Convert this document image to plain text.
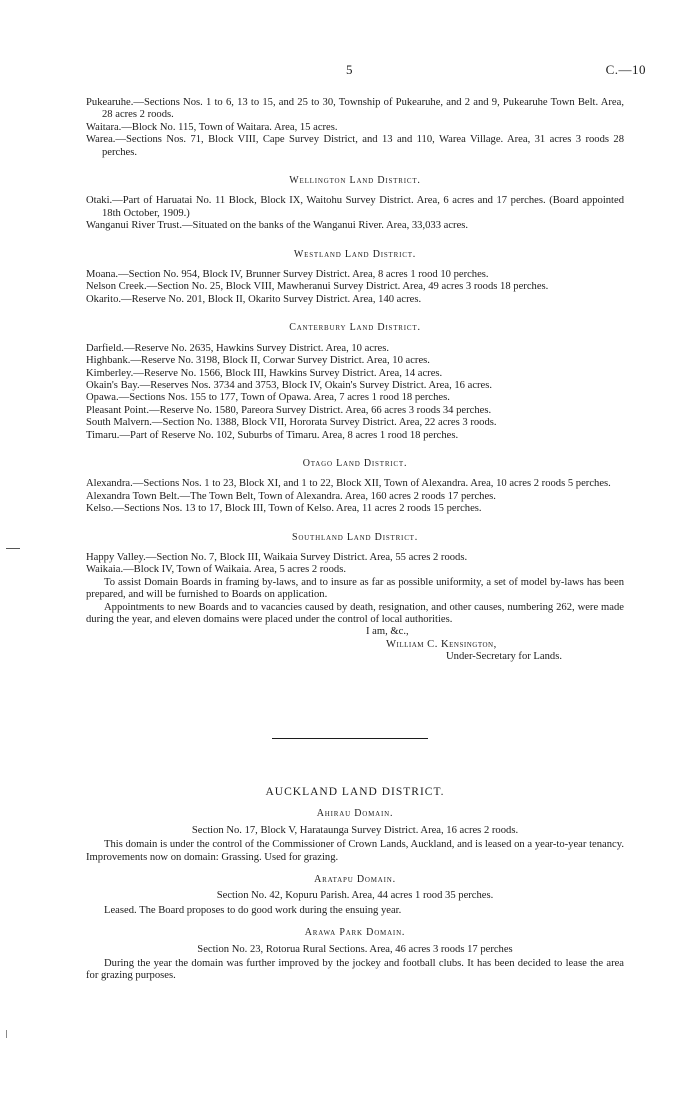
5	C.—10

Pukearuhe.—Sections Nos. 1 to 6, 13 to 15, and 25 to 30, Township of Pukearuhe, and 2 and 9, Pukearuhe Town Belt. Area, 28 acres 2 roods.

Waitara.—Block No. 115, Town of Waitara. Area, 15 acres.

Warea.—Sections Nos. 71, Block VIII, Cape Survey District, and 13 and 110, Warea Village. Area, 31 acres 3 roods 28 perches.

Wellington Land District.

Otaki.—Part of Haruatai No. 11 Block, Block IX, Waitohu Survey District. Area, 6 acres and 17 perches. (Board appointed 18th October, 1909.)

Wanganui River Trust.—Situated on the banks of the Wanganui River. Area, 33,033 acres.

Westland Land District.

Moana.—Section No. 954, Block IV, Brunner Survey District. Area, 8 acres 1 rood 10 perches.

Nelson Creek.—Section No. 25, Block VIII, Mawheranui Survey District. Area, 49 acres 3 roods 18 perches.

Okarito.—Reserve No. 201, Block II, Okarito Survey District. Area, 140 acres.

Canterbury Land District.

Darfield.—Reserve No. 2635, Hawkins Survey District. Area, 10 acres.

Highbank.—Reserve No. 3198, Block II, Corwar Survey District. Area, 10 acres.

Kimberley.—Reserve No. 1566, Block III, Hawkins Survey District. Area, 14 acres.

Okain's Bay.—Reserves Nos. 3734 and 3753, Block IV, Okain's Survey District. Area, 16 acres.

Opawa.—Sections Nos. 155 to 177, Town of Opawa. Area, 7 acres 1 rood 18 perches.

Pleasant Point.—Reserve No. 1580, Pareora Survey District. Area, 66 acres 3 roods 34 perches.

South Malvern.—Section No. 1388, Block VII, Hororata Survey District. Area, 22 acres 3 roods.

Timaru.—Part of Reserve No. 102, Suburbs of Timaru. Area, 8 acres 1 rood 18 perches.

Otago Land District.

Alexandra.—Sections Nos. 1 to 23, Block XI, and 1 to 22, Block XII, Town of Alexandra. Area, 10 acres 2 roods 5 perches.

Alexandra Town Belt.—The Town Belt, Town of Alexandra. Area, 160 acres 2 roods 17 perches.

Kelso.—Sections Nos. 13 to 17, Block III, Town of Kelso. Area, 11 acres 2 roods 15 perches.

Southland Land District.

Happy Valley.—Section No. 7, Block III, Waikaia Survey District. Area, 55 acres 2 roods.

Waikaia.—Block IV, Town of Waikaia. Area, 5 acres 2 roods.

To assist Domain Boards in framing by-laws, and to insure as far as possible uniformity, a set of model by-laws has been prepared, and will be furnished to Boards on application.

Appointments to new Boards and to vacancies caused by death, resignation, and other causes, numbering 262, were made during the year, and eleven domains were placed under the control of local authorities.

I am, &c.,

William C. Kensington,

Under-Secretary for Lands.

AUCKLAND LAND DISTRICT.

Ahirau Domain.

Section No. 17, Block V, Harataunga Survey District. Area, 16 acres 2 roods.

This domain is under the control of the Commissioner of Crown Lands, Auckland, and is leased on a year-to-year tenancy. Improvements now on domain: Grassing. Used for grazing.

Aratapu Domain.

Section No. 42, Kopuru Parish. Area, 44 acres 1 rood 35 perches.

Leased. The Board proposes to do good work during the ensuing year.

Arawa Park Domain.

Section No. 23, Rotorua Rural Sections. Area, 46 acres 3 roods 17 perches

During the year the domain was further improved by the jockey and football clubs. It has been decided to lease the area for grazing purposes.
